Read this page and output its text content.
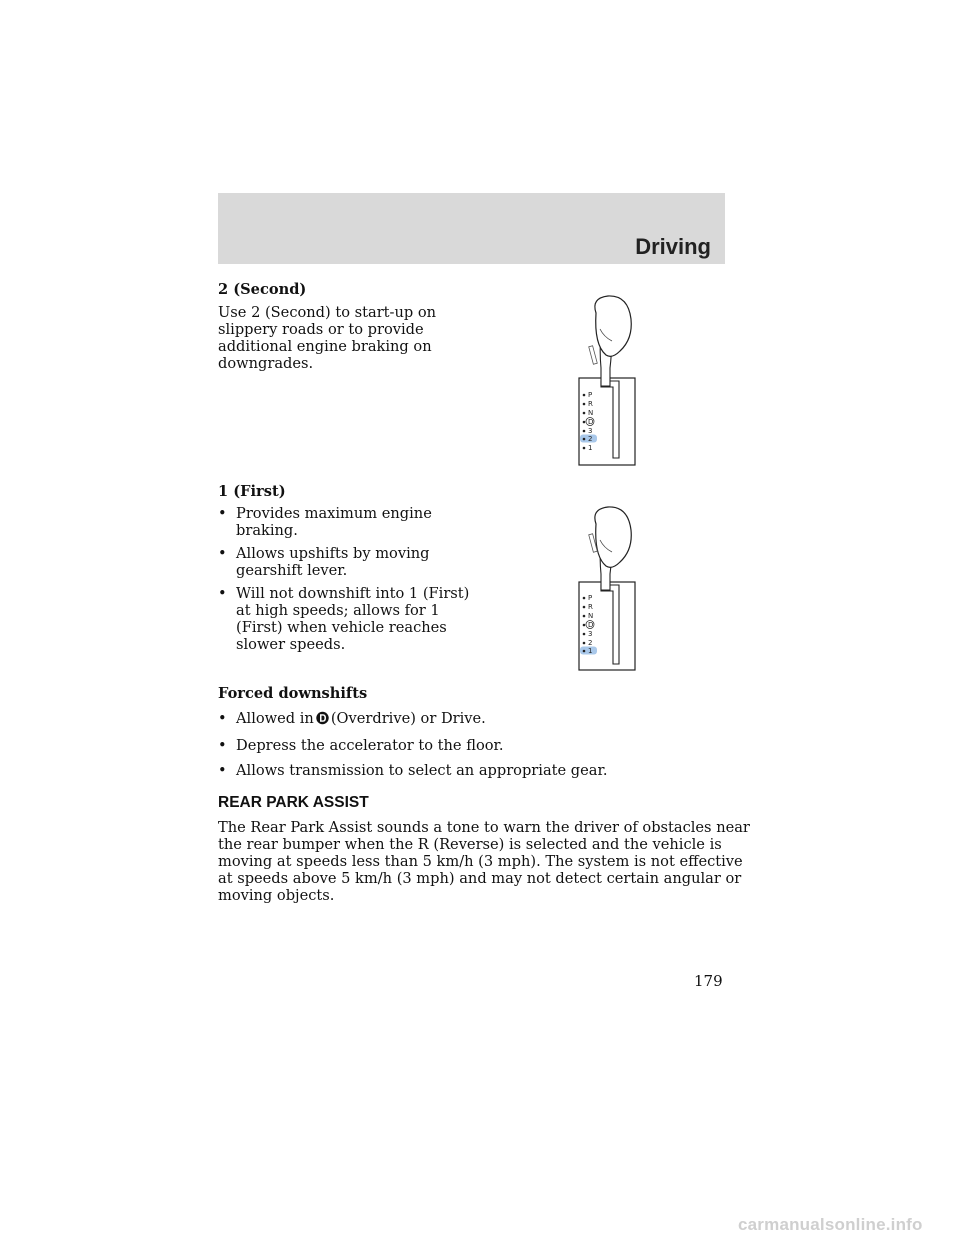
Driving
2 (Second)
Use 2 (Second) to start-up on
slippery roads or to provide
additional engine braking on
downgrades.
P
R
N
D
3
2
1
1 (First)
• Provides maximum engine
braking.
• Allows upshifts by moving
gearshift lever.
• Will not downshift into 1 (First)
at high speeds; allows for 1
(First) when vehicle reaches
slower speeds.
P
R
N
D
3
2
1
Forced downshifts
• Allowed in (Overdrive) or Drive.
• Depress the accelerator to the floor.
• Allows transmission to select an appropriate gear.
REAR PARK ASSIST
The Rear Park Assist sounds a tone to warn the driver of obstacles near
the rear bumper when the R (Reverse) is selected and the vehicle is
moving at speeds less than 5 km/h (3 mph). The system is not effective
at speeds above 5 km/h (3 mph) and may not detect certain angular or
moving objects.
179
carmanualsonline.info
